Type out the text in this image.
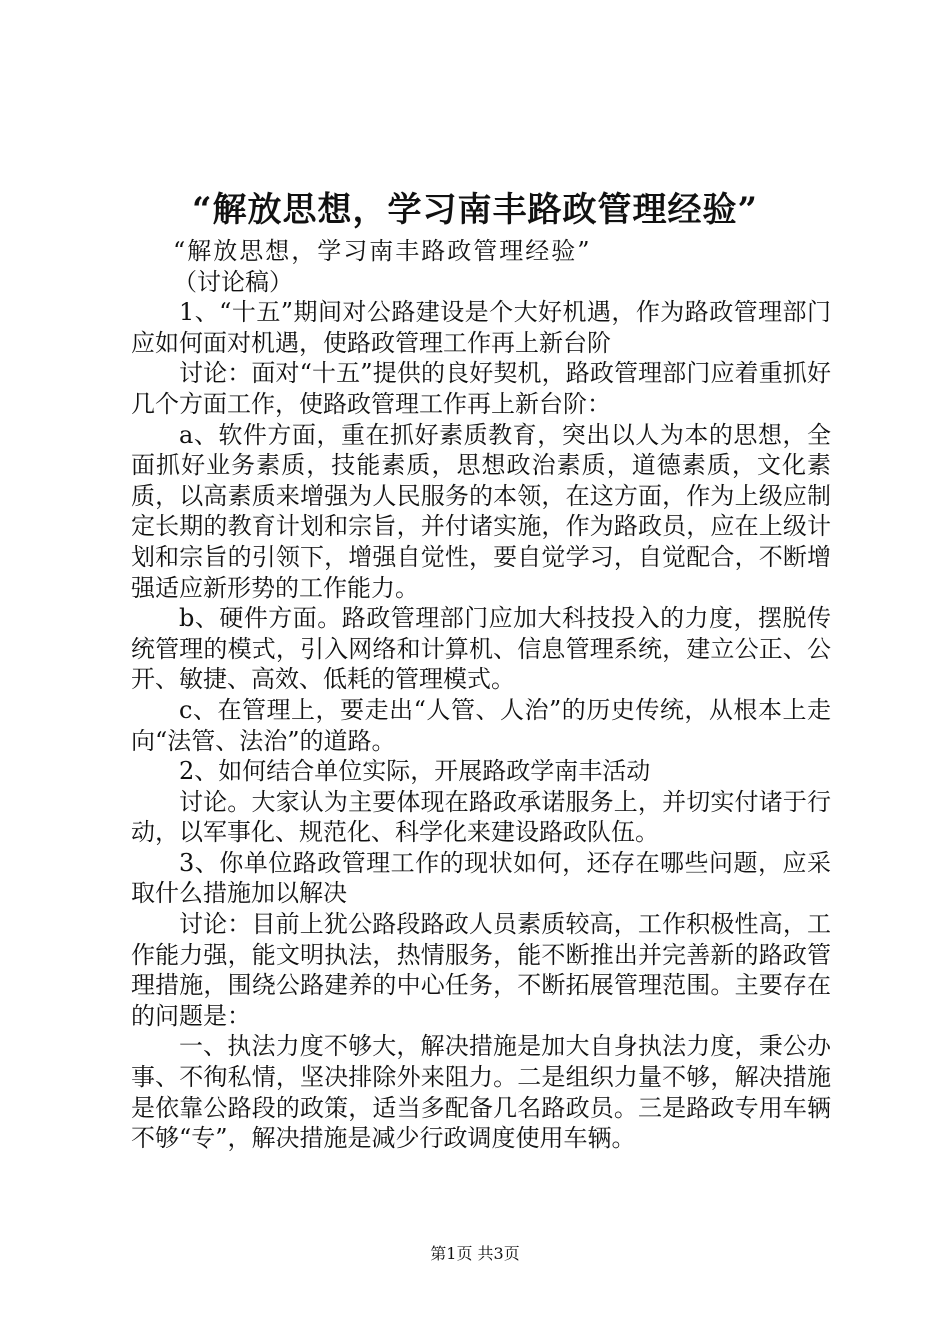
“解放思想，学习南丰路政管理经验”

“解放思想，学习南丰路政管理经验”

（讨论稿）

1、“十五”期间对公路建设是个大好机遇，作为路政管理部门应如何面对机遇，使路政管理工作再上新台阶

讨论：面对“十五”提供的良好契机，路政管理部门应着重抓好几个方面工作，使路政管理工作再上新台阶：

a、软件方面，重在抓好素质教育，突出以人为本的思想，全面抓好业务素质，技能素质，思想政治素质，道德素质，文化素质，以高素质来增强为人民服务的本领，在这方面，作为上级应制定长期的教育计划和宗旨，并付诸实施，作为路政员，应在上级计划和宗旨的引领下，增强自觉性，要自觉学习，自觉配合，不断增强适应新形势的工作能力。

b、硬件方面。路政管理部门应加大科技投入的力度，摆脱传统管理的模式，引入网络和计算机、信息管理系统，建立公正、公开、敏捷、高效、低耗的管理模式。

c、在管理上，要走出“人管、人治”的历史传统，从根本上走向“法管、法治”的道路。

2、如何结合单位实际，开展路政学南丰活动

讨论。大家认为主要体现在路政承诺服务上，并切实付诸于行动，以军事化、规范化、科学化来建设路政队伍。

3、你单位路政管理工作的现状如何，还存在哪些问题，应采取什么措施加以解决

讨论：目前上犹公路段路政人员素质较高，工作积极性高，工作能力强，能文明执法，热情服务，能不断推出并完善新的路政管理措施，围绕公路建养的中心任务，不断拓展管理范围。主要存在的问题是：

一、执法力度不够大，解决措施是加大自身执法力度，秉公办事、不徇私情，坚决排除外来阻力。二是组织力量不够，解决措施是依靠公路段的政策，适当多配备几名路政员。三是路政专用车辆不够“专”，解决措施是减少行政调度使用车辆。

第1页 共3页
